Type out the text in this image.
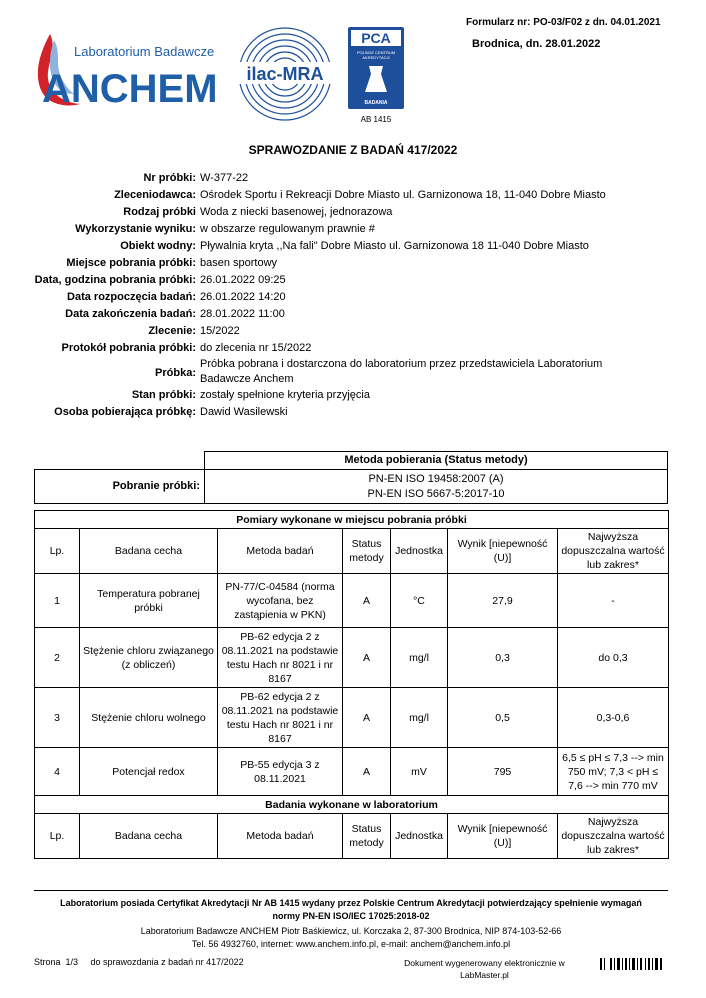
Formularz nr: PO-03/F02 z dn. 04.01.2021
Brodnica, dn. 28.01.2022
Laboratorium Badawcze
ANCHEM ilac-MRA
PCA
POLSKIE CENTRUM
AKREDYTACJI
BADANIA
AB 1415
SPRAWOZDANIE Z BADAŃ 417/2022
Nr próbki: W-377-22
Zleceniodawca: Ośrodek Sportu i Rekreacji Dobre Miasto ul. Garnizonowa 18, 11-040 Dobre Miasto
Rodzaj próbki Woda z niecki basenowej, jednorazowa
Wykorzystanie wyniku: w obszarze regulowanym prawnie #
Obiekt wodny: Pływalnia kryta ,,Na fali" Dobre Miasto ul. Garnizonowa 18 11-040 Dobre Miasto
Miejsce pobrania próbki: basen sportowy
Data, godzina pobrania próbki: 26.01.2022 09:25
Data rozpoczęcia badań: 26.01.2022 14:20
Data zakończenia badań: 28.01.2022 11:00
Zlecenie: 15/2022
Protokół pobrania próbki: do zlecenia nr 15/2022
Próbka:
Próbka pobrana i dostarczona do laboratorium przez przedstawiciela Laboratorium Badawcze Anchem
Stan próbki: zostały spełnione kryteria przyjęcia
Osoba pobierająca próbkę: Dawid Wasilewski
	Metoda pobierania (Status metody)
Pobranie próbki:	PN-EN ISO 19458:2007 (A)
PN-EN ISO 5667-5:2017-10
Pomiary wykonane w miejscu pobrania próbki						
Lp.	Badana cecha	Metoda badań	Status metody	Jednostka	Wynik [niepewność (U)]	Najwyższa dopuszczalna wartość lub zakres*
1	Temperatura pobranej próbki	PN-77/C-04584 (norma wycofana, bez zastąpienia w PKN)	A	°C	27,9	-
2	Stężenie chloru związanego (z obliczeń)	PB-62 edycja 2 z 08.11.2021 na podstawie testu Hach nr 8021 i nr 8167	A	mg/l	0,3	do 0,3
3	Stężenie chloru wolnego	PB-62 edycja 2 z 08.11.2021 na podstawie testu Hach nr 8021 i nr 8167	A	mg/l	0,5	0,3-0,6
4	Potencjał redox	PB-55 edycja 3 z 08.11.2021	A	mV	795	6,5 ≤ pH ≤ 7,3 --> min 750 mV; 7,3 < pH ≤ 7,6 --> min 770 mV
Badania wykonane w laboratorium						
Lp.	Badana cecha	Metoda badań	Status metody	Jednostka	Wynik [niepewność (U)]	Najwyższa dopuszczalna wartość lub zakres*
Laboratorium posiada Certyfikat Akredytacji Nr AB 1415 wydany przez Polskie Centrum Akredytacji potwierdzający spełnienie wymagań
normy PN-EN ISO/IEC 17025:2018-02
Laboratorium Badawcze ANCHEM Piotr Baśkiewicz, ul. Korczaka 2, 87-300 Brodnica, NIP 874-103-52-66
Tel. 56 4932760, internet: www.anchem.info.pl, e-mail: anchem@anchem.info.pl
Strona  1/3     do sprawozdania z badań nr 417/2022	Dokument wygenerowany elektronicznie w
LabMaster.pl
